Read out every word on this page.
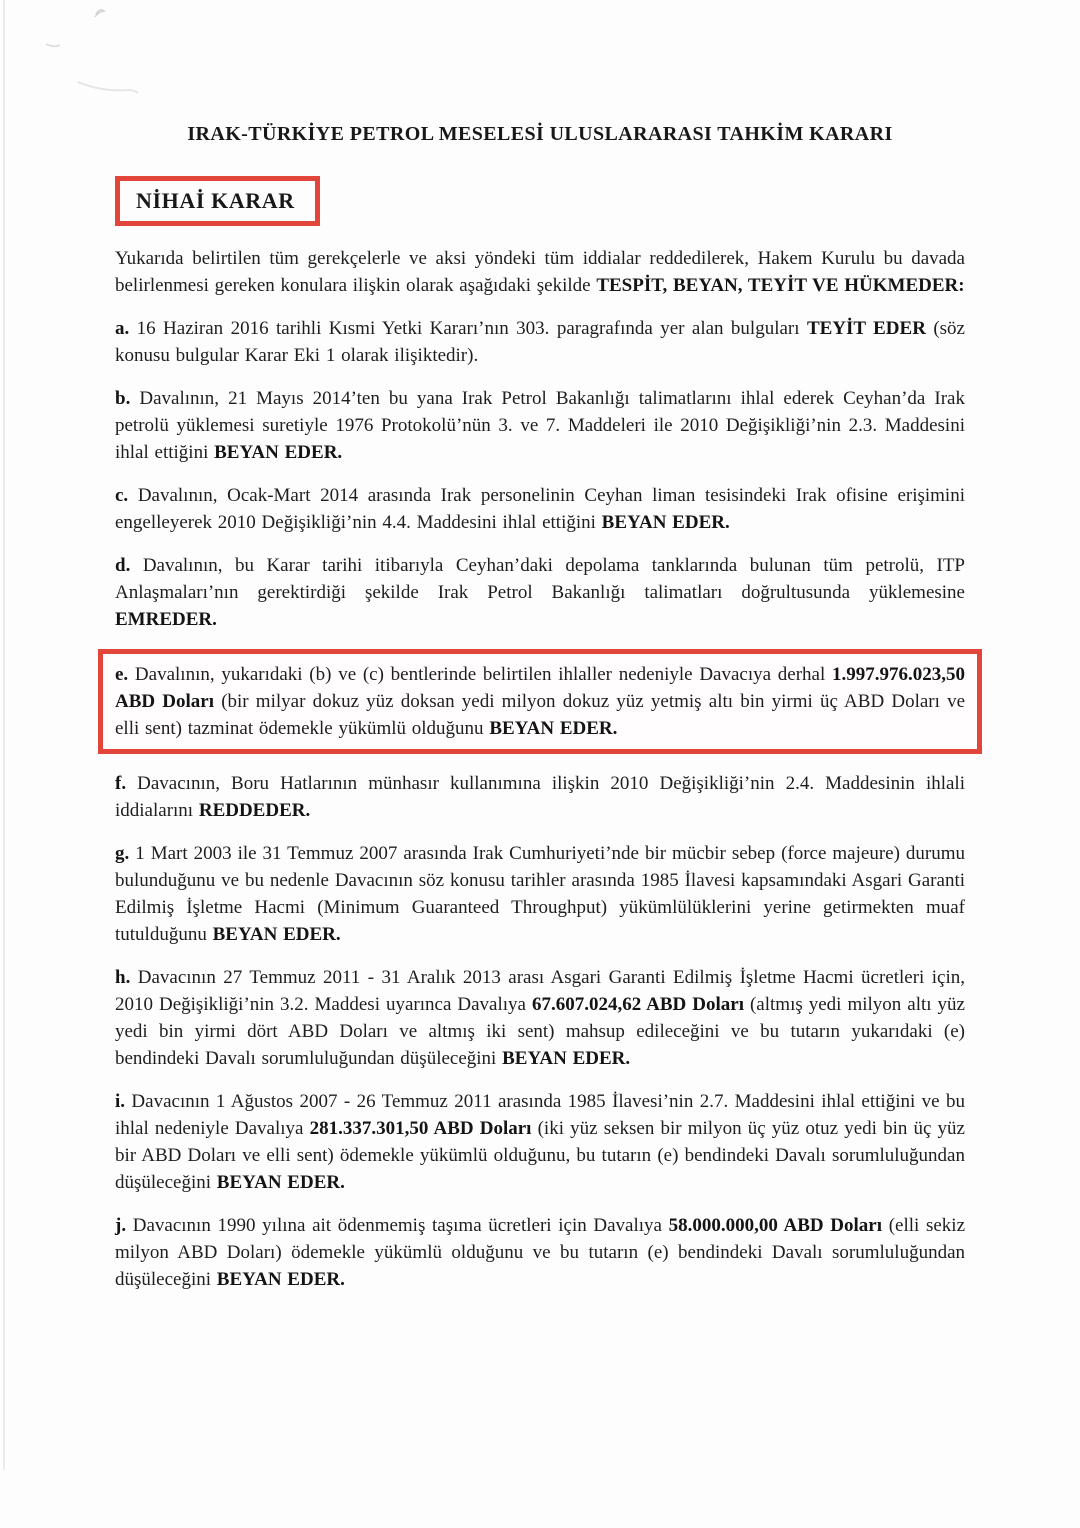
IRAK-TÜRKİYE PETROL MESELESİ ULUSLARARASI TAHKİM KARARI
NİHAİ KARAR

Yukarıda belirtilen tüm gerekçelerle ve aksi yöndeki tüm iddialar reddedilerek, Hakem Kurulu bu davada belirlenmesi gereken konulara ilişkin olarak aşağıdaki şekilde TESPİT, BEYAN, TEYİT VE HÜKMEDER:

a. 16 Haziran 2016 tarihli Kısmi Yetki Kararı’nın 303. paragrafında yer alan bulguları TEYİT EDER (söz konusu bulgular Karar Eki 1 olarak ilişiktedir).

b. Davalının, 21 Mayıs 2014’ten bu yana Irak Petrol Bakanlığı talimatlarını ihlal ederek Ceyhan’da Irak petrolü yüklemesi suretiyle 1976 Protokolü’nün 3. ve 7. Maddeleri ile 2010 Değişikliği’nin 2.3. Maddesini ihlal ettiğini BEYAN EDER.

c. Davalının, Ocak-Mart 2014 arasında Irak personelinin Ceyhan liman tesisindeki Irak ofisine erişimini engelleyerek 2010 Değişikliği’nin 4.4. Maddesini ihlal ettiğini BEYAN EDER.

d. Davalının, bu Karar tarihi itibarıyla Ceyhan’daki depolama tanklarında bulunan tüm petrolü, ITP Anlaşmaları’nın gerektirdiği şekilde Irak Petrol Bakanlığı talimatları doğrultusunda yüklemesine EMREDER.

e. Davalının, yukarıdaki (b) ve (c) bentlerinde belirtilen ihlaller nedeniyle Davacıya derhal 1.997.976.023,50 ABD Doları (bir milyar dokuz yüz doksan yedi milyon dokuz yüz yetmiş altı bin yirmi üç ABD Doları ve elli sent) tazminat ödemekle yükümlü olduğunu BEYAN EDER.

f. Davacının, Boru Hatlarının münhasır kullanımına ilişkin 2010 Değişikliği’nin 2.4. Maddesinin ihlali iddialarını REDDEDER.

g. 1 Mart 2003 ile 31 Temmuz 2007 arasında Irak Cumhuriyeti’nde bir mücbir sebep (force majeure) durumu bulunduğunu ve bu nedenle Davacının söz konusu tarihler arasında 1985 İlavesi kapsamındaki Asgari Garanti Edilmiş İşletme Hacmi (Minimum Guaranteed Throughput) yükümlülüklerini yerine getirmekten muaf tutulduğunu BEYAN EDER.

h. Davacının 27 Temmuz 2011 - 31 Aralık 2013 arası Asgari Garanti Edilmiş İşletme Hacmi ücretleri için, 2010 Değişikliği’nin 3.2. Maddesi uyarınca Davalıya 67.607.024,62 ABD Doları (altmış yedi milyon altı yüz yedi bin yirmi dört ABD Doları ve altmış iki sent) mahsup edileceğini ve bu tutarın yukarıdaki (e) bendindeki Davalı sorumluluğundan düşüleceğini BEYAN EDER.

i. Davacının 1 Ağustos 2007 - 26 Temmuz 2011 arasında 1985 İlavesi’nin 2.7. Maddesini ihlal ettiğini ve bu ihlal nedeniyle Davalıya 281.337.301,50 ABD Doları (iki yüz seksen bir milyon üç yüz otuz yedi bin üç yüz bir ABD Doları ve elli sent) ödemekle yükümlü olduğunu, bu tutarın (e) bendindeki Davalı sorumluluğundan düşüleceğini BEYAN EDER.

j. Davacının 1990 yılına ait ödenmemiş taşıma ücretleri için Davalıya 58.000.000,00 ABD Doları (elli sekiz milyon ABD Doları) ödemekle yükümlü olduğunu ve bu tutarın (e) bendindeki Davalı sorumluluğundan düşüleceğini BEYAN EDER.
